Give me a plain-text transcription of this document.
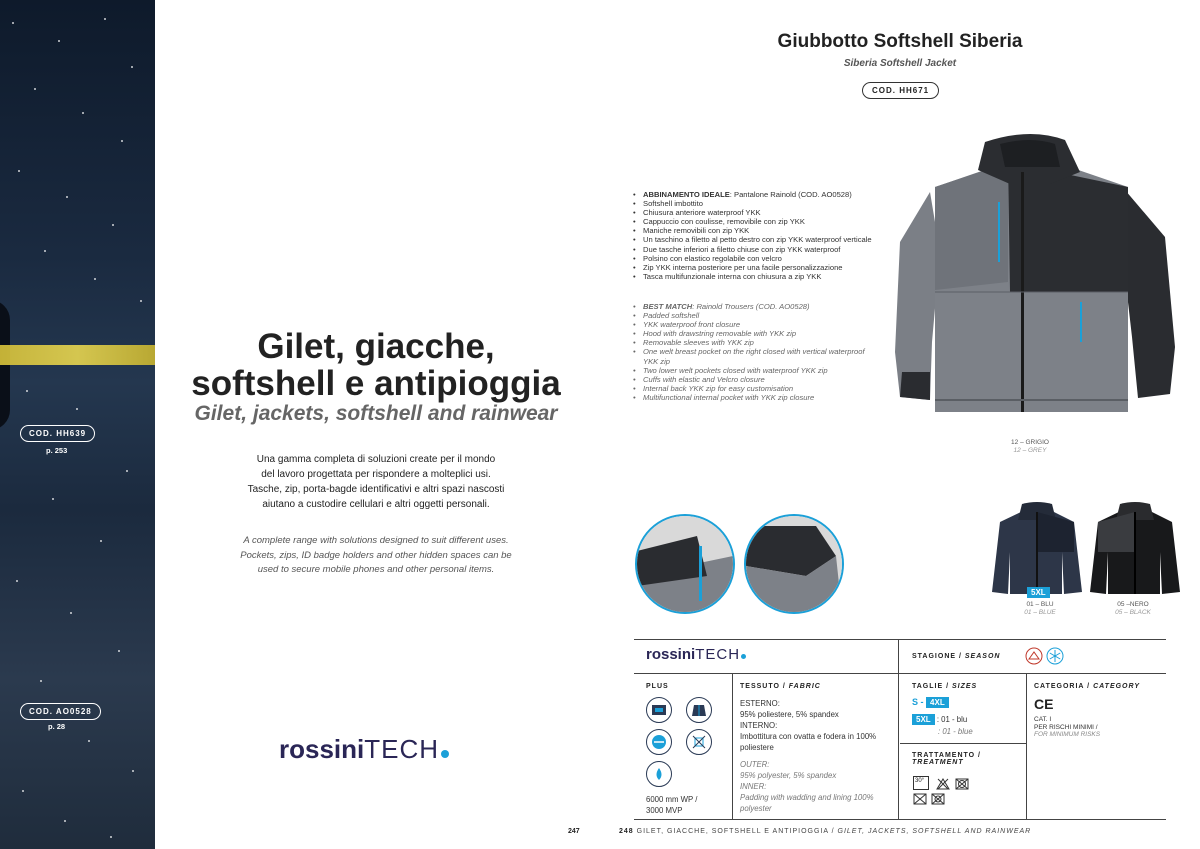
COD. HH639
p. 253
COD. AO0528
p. 28
Gilet, giacche,
softshell e antipioggia
Gilet, jackets, softshell and rainwear
Una gamma completa di soluzioni create per il mondo
del lavoro progettata per rispondere a molteplici usi.
Tasche, zip, porta-bagde identificativi e altri spazi nascosti
aiutano a custodire cellulari e altri oggetti personali.
A complete range with solutions designed to suit different uses.
Pockets, zips, ID badge holders and other hidden spaces can be
used to secure mobile phones and other personal items.
rossiniTECH
Giubbotto Softshell Siberia
Siberia Softshell Jacket
COD. HH671
• ABBINAMENTO IDEALE: Pantalone Rainold (COD. AO0528)
• Softshell imbottito
• Chiusura anteriore waterproof YKK
• Cappuccio con coulisse, removibile con zip YKK
• Maniche removibili con zip YKK
• Un taschino a filetto al petto destro con zip YKK waterproof verticale
• Due tasche inferiori a filetto chiuse con zip YKK waterproof
• Polsino con elastico regolabile con velcro
• Zip YKK interna posteriore per una facile personalizzazione
• Tasca multifunzionale interna con chiusura a zip YKK
• BEST MATCH: Rainold Trousers (COD. AO0528)
• Padded softshell
• YKK waterproof front closure
• Hood with drawstring removable with YKK zip
• Removable sleeves with YKK zip
• One welt breast pocket on the right closed with vertical waterproof YKK zip
• Two lower welt pockets closed with waterproof YKK zip
• Cuffs with elastic and Velcro closure
• Internal back YKK zip for easy customisation
• Multifunctional internal pocket with YKK zip closure
12 – GRIGIO
12 – GREY
5XL
01 – BLU
01 – BLUE
05 –NERO
05 – BLACK
rossiniTECH	STAGIONE / SEASON
PLUS
6000 mm WP /
3000 MVP
TESSUTO / FABRIC
ESTERNO:
95% poliestere, 5% spandex
INTERNO:
Imbottitura con ovatta e fodera in 100% poliestere
OUTER:
95% polyester, 5% spandex
INNER:
Padding with wadding and lining 100% polyester
TAGLIE / SIZES
S - 4XL
5XL : 01 - blu
: 01 - blue
TRATTAMENTO /
TREATMENT
30°

CATEGORIA / CATEGORY
CE
CAT. I
PER RISCHI MINIMI /
FOR MINIMUM RISKS
247	248 GILET, GIACCHE, SOFTSHELL E ANTIPIOGGIA / GILET, JACKETS, SOFTSHELL AND RAINWEAR
